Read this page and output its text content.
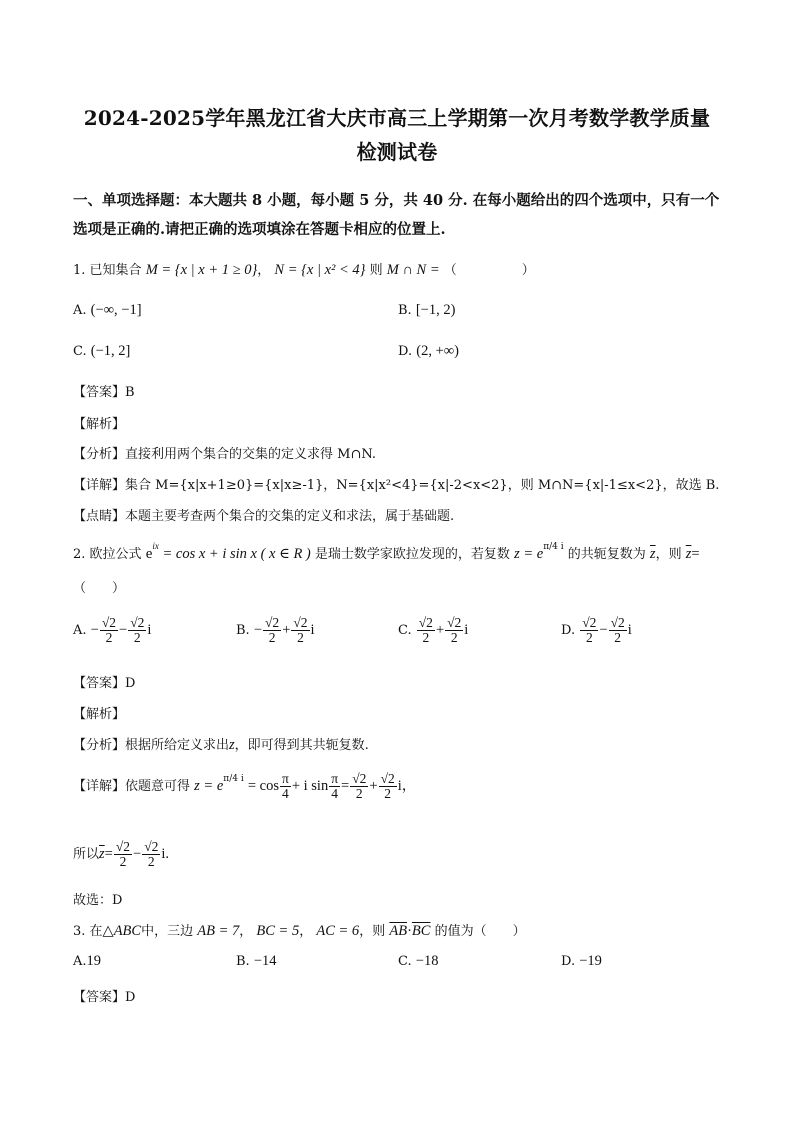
2024-2025学年黑龙江省大庆市高三上学期第一次月考数学教学质量
检测试卷
一、单项选择题：本大题共 8 小题，每小题 5 分，共 40 分. 在每小题给出的四个选项中，只有一个选项是正确的.请把正确的选项填涂在答题卡相应的位置上.
1. 已知集合 M = {x | x + 1 ≥ 0}， N = {x | x² < 4} 则 M ∩ N = （　　　　　）
A. (−∞, −1]	B. [−1, 2)
C. (−1, 2]	D. (2, +∞)
【答案】B
【解析】
【分析】直接利用两个集合的交集的定义求得 M∩N.
【详解】集合 M={x|x+1≥0}={x|x≥-1}，N={x|x²<4}={x|-2<x<2}，则 M∩N={x|-1≤x<2}，故选 B.
【点睛】本题主要考查两个集合的交集的定义和求法，属于基础题.
2. 欧拉公式 $e^{ix} = \cos x + i$ sin x ( x ∈ R ) 是瑞士数学家欧拉发现的，若复数 $z = e^{\pi/4 i}$ 的共轭复数为 $\overline{z}$，则 $\overline{z}=$
（　　）
A. − $\frac{√2}{2} - \frac{√2}{2}$ i	B. − $\frac{√2}{2} + \frac{√2}{2}$ i	C. $\frac{√2}{2} + \frac{√2}{2}$ i	D. $\frac{√2}{2} - \frac{√2}{2}$ i
【答案】D
【解析】
【分析】根据所给定义求出z，即可得到其共轭复数.
【详解】依题意可得 $z = e^{\pi/4 i} = \cos \frac{\pi}{4} + i$ $\sin \frac{\pi}{4} = \frac{√2}{2} + \frac{√2}{2}$ i，
所以$\overline{z}= \frac{√2}{2} - \frac{√2}{2} i$.
故选：D
3. 在△ABC中，三边 AB = 7， BC = 5， AC = 6，则 $\overline{AB}\cdot\overline{BC}$ 的值为（　　）
A.19	B. −14	C. −18	D. −19
【答案】D
